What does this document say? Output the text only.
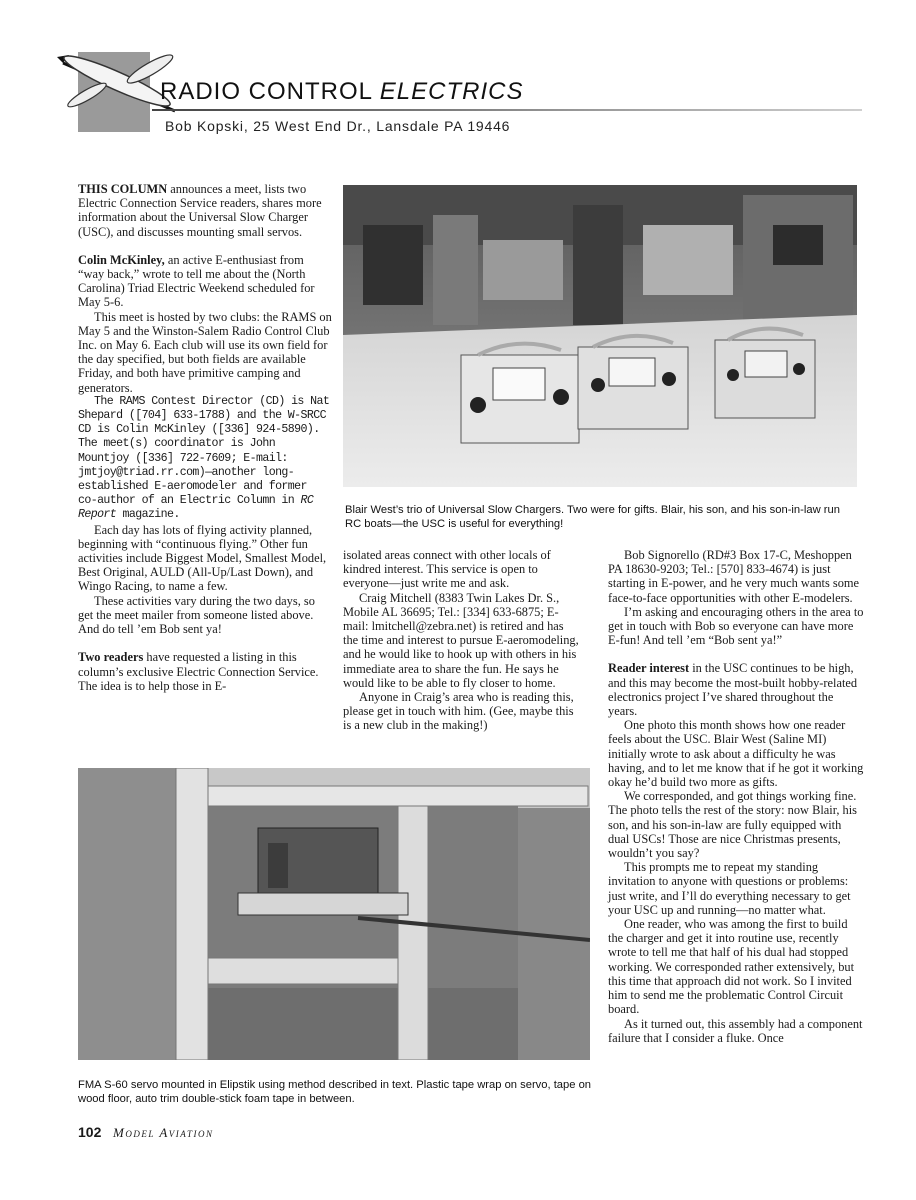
RADIO CONTROL ELECTRICS
Bob Kopski, 25 West End Dr., Lansdale PA 19446

THIS COLUMN announces a meet, lists two Electric Connection Service readers, shares more information about the Universal Slow Charger (USC), and discusses mounting small servos.

Colin McKinley, an active E-enthusiast from “way back,” wrote to tell me about the (North Carolina) Triad Electric Weekend scheduled for May 5-6.

This meet is hosted by two clubs: the RAMS on May 5 and the Winston-Salem Radio Control Club Inc. on May 6. Each club will use its own field for the day specified, but both fields are available Friday, and both have primitive camping and generators.

The RAMS Contest Director (CD) is Nat Shepard ([704] 633-1788) and the W-SRCC CD is Colin McKinley ([336] 924-5890). The meet(s) coordinator is John Mountjoy ([336] 722-7609; E-mail: jmtjoy@triad.rr.com)—another long-established E-aeromodeler and former co-author of an Electric Column in RC Report magazine.

Each day has lots of flying activity planned, beginning with “continuous flying.” Other fun activities include Biggest Model, Smallest Model, Best Original, AULD (All-Up/Last Down), and Wingo Racing, to name a few.

These activities vary during the two days, so get the meet mailer from someone listed above. And do tell ’em Bob sent ya!

Two readers have requested a listing in this column’s exclusive Electric Connection Service. The idea is to help those in E-

Blair West’s trio of Universal Slow Chargers. Two were for gifts. Blair, his son, and his son-in-law run RC boats—the USC is useful for everything!

isolated areas connect with other locals of kindred interest. This service is open to everyone—just write me and ask.

Craig Mitchell (8383 Twin Lakes Dr. S., Mobile AL 36695; Tel.: [334] 633-6875; E-mail: lmitchell@zebra.net) is retired and has the time and interest to pursue E-aeromodeling, and he would like to hook up with others in his immediate area to share the fun. He says he would like to be able to fly closer to home.

Anyone in Craig’s area who is reading this, please get in touch with him. (Gee, maybe this is a new club in the making!)

Bob Signorello (RD#3 Box 17-C, Meshoppen PA 18630-9203; Tel.: [570] 833-4674) is just starting in E-power, and he very much wants some face-to-face opportunities with other E-modelers.

I’m asking and encouraging others in the area to get in touch with Bob so everyone can have more E-fun! And tell ’em “Bob sent ya!”

Reader interest in the USC continues to be high, and this may become the most-built hobby-related electronics project I’ve shared throughout the years.

One photo this month shows how one reader feels about the USC. Blair West (Saline MI) initially wrote to ask about a difficulty he was having, and to let me know that if he got it working okay he’d build two more as gifts.

We corresponded, and got things working fine. The photo tells the rest of the story: now Blair, his son, and his son-in-law are fully equipped with dual USCs! Those are nice Christmas presents, wouldn’t you say?

This prompts me to repeat my standing invitation to anyone with questions or problems: just write, and I’ll do everything necessary to get your USC up and running—no matter what.

One reader, who was among the first to build the charger and get it into routine use, recently wrote to tell me that half of his dual had stopped working. We corresponded rather extensively, but this time that approach did not work. So I invited him to send me the problematic Control Circuit board.

As it turned out, this assembly had a component failure that I consider a fluke. Once

FMA S-60 servo mounted in Elipstik using method described in text. Plastic tape wrap on servo, tape on wood floor, auto trim double-stick foam tape in between.
102 Model Aviation
